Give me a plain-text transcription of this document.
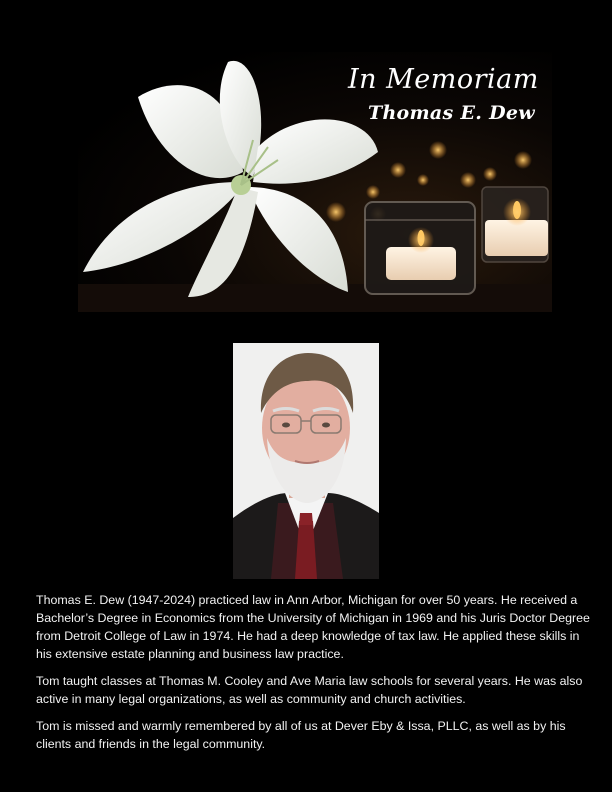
In Memoriam
Thomas E. Dew

Thomas E. Dew (1947-2024) practiced law in Ann Arbor, Michigan for over 50 years. He received a Bachelor’s Degree in Economics from the University of Michigan in 1969 and his Juris Doctor Degree from Detroit College of Law in 1974. He had a deep knowledge of tax law. He applied these skills in his extensive estate planning and business law practice.

Tom taught classes at Thomas M. Cooley and Ave Maria law schools for several years. He was also active in many legal organizations, as well as community and church activities.

Tom is missed and warmly remembered by all of us at Dever Eby & Issa, PLLC, as well as by his clients and friends in the legal community.
